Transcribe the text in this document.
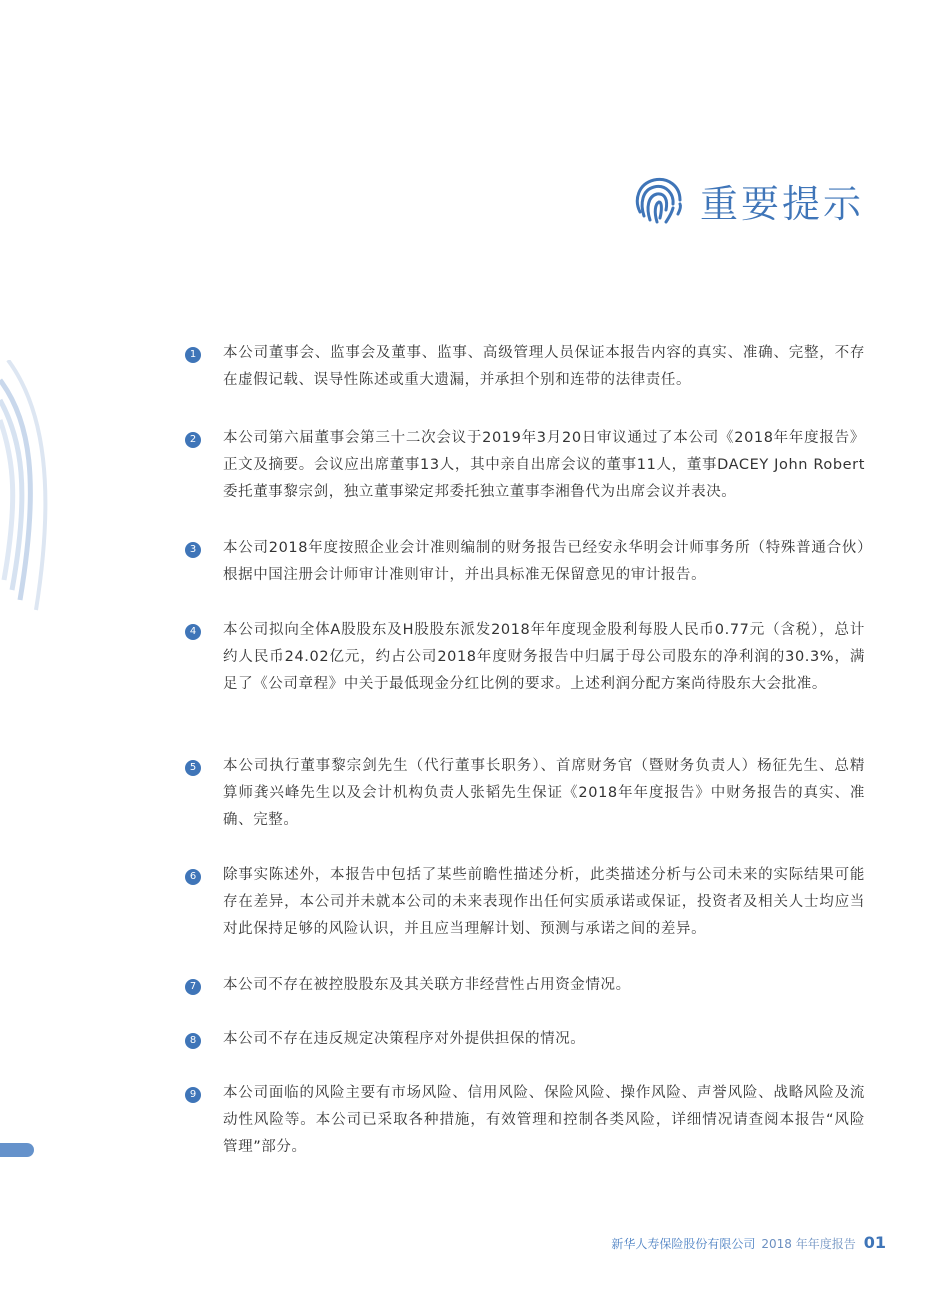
重要提示
1	本公司董事会、监事会及董事、监事、高级管理人员保证本报告内容的真实、准确、完整，不存在虚假记载、误导性陈述或重大遗漏，并承担个别和连带的法律责任。
2	本公司第六届董事会第三十二次会议于2019年3月20日审议通过了本公司《2018年年度报告》正文及摘要。会议应出席董事13人，其中亲自出席会议的董事11人，董事DACEY John Robert委托董事黎宗剑，独立董事梁定邦委托独立董事李湘鲁代为出席会议并表决。
3	本公司2018年度按照企业会计准则编制的财务报告已经安永华明会计师事务所（特殊普通合伙）根据中国注册会计师审计准则审计，并出具标准无保留意见的审计报告。
4	本公司拟向全体A股股东及H股股东派发2018年年度现金股利每股人民币0.77元（含税），总计约人民币24.02亿元，约占公司2018年度财务报告中归属于母公司股东的净利润的30.3%，满足了《公司章程》中关于最低现金分红比例的要求。上述利润分配方案尚待股东大会批准。
5	本公司执行董事黎宗剑先生（代行董事长职务）、首席财务官（暨财务负责人）杨征先生、总精算师龚兴峰先生以及会计机构负责人张韬先生保证《2018年年度报告》中财务报告的真实、准确、完整。
6	除事实陈述外，本报告中包括了某些前瞻性描述分析，此类描述分析与公司未来的实际结果可能存在差异，本公司并未就本公司的未来表现作出任何实质承诺或保证，投资者及相关人士均应当对此保持足够的风险认识，并且应当理解计划、预测与承诺之间的差异。
7	本公司不存在被控股股东及其关联方非经营性占用资金情况。
8	本公司不存在违反规定决策程序对外提供担保的情况。
9	本公司面临的风险主要有市场风险、信用风险、保险风险、操作风险、声誉风险、战略风险及流动性风险等。本公司已采取各种措施，有效管理和控制各类风险，详细情况请查阅本报告“风险管理”部分。
新华人寿保险股份有限公司 2018 年年度报告 01
